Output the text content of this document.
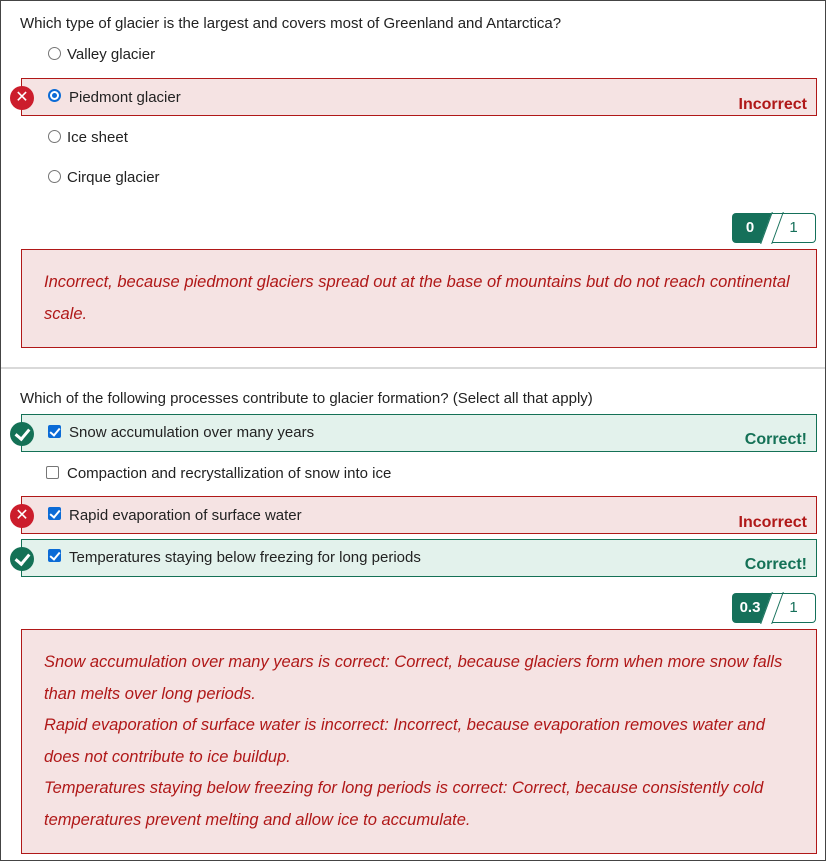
Which type of glacier is the largest and covers most of Greenland and Antarctica?
Valley glacier
✕	Piedmont glacier	Incorrect
Ice sheet
Cirque glacier
0	1

Incorrect, because piedmont glaciers spread out at the base of mountains but do not reach continental scale.

Which of the following processes contribute to glacier formation? (Select all that apply)
Snow accumulation over many years	Correct!
Compaction and recrystallization of snow into ice
✕	Rapid evaporation of surface water	Incorrect
Temperatures staying below freezing for long periods	Correct!
0.3	1

Snow accumulation over many years is correct: Correct, because glaciers form when more snow falls than melts over long periods.

Rapid evaporation of surface water is incorrect: Incorrect, because evaporation removes water and does not contribute to ice buildup.

Temperatures staying below freezing for long periods is correct: Correct, because consistently cold temperatures prevent melting and allow ice to accumulate.
